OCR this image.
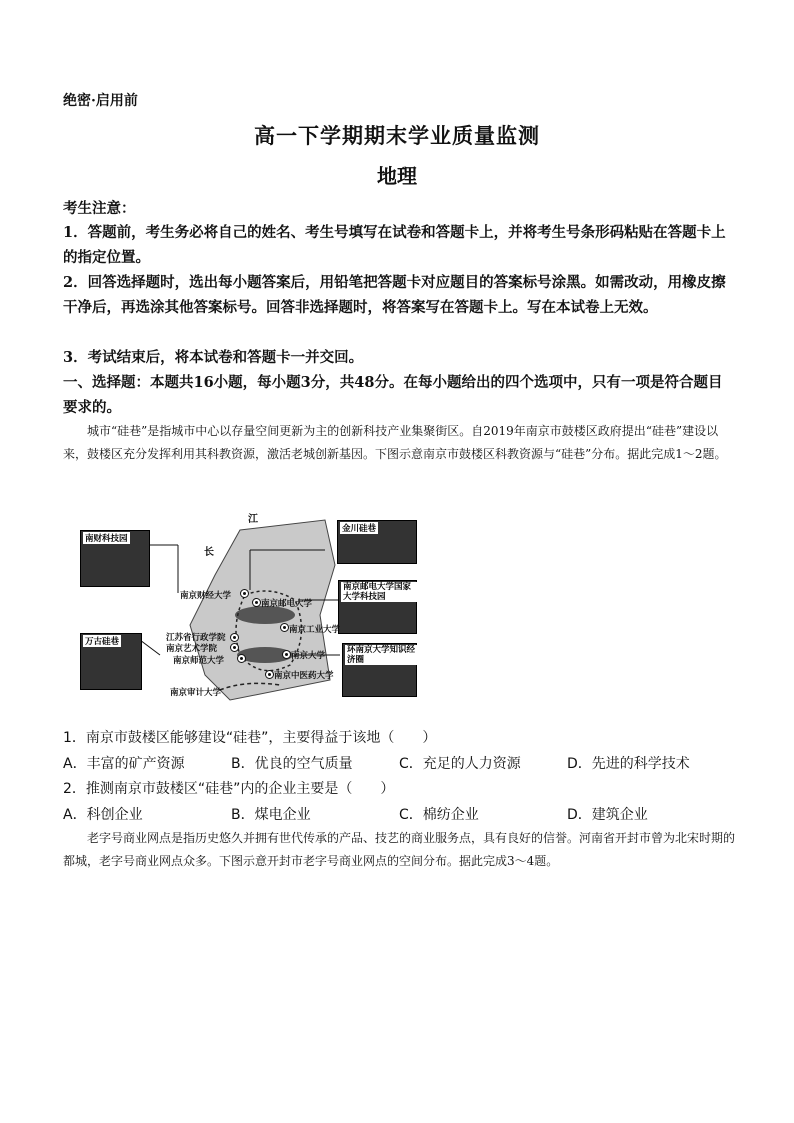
绝密·启用前
高一下学期期末学业质量监测
地理
考生注意：
1．答题前，考生务必将自己的姓名、考生号填写在试卷和答题卡上，并将考生号条形码粘贴在答题卡上的指定位置。
2．回答选择题时，选出每小题答案后，用铅笔把答题卡对应题目的答案标号涂黑。如需改动，用橡皮擦干净后，再选涂其他答案标号。回答非选择题时，将答案写在答题卡上。写在本试卷上无效。
3．考试结束后，将本试卷和答题卡一并交回。
一、选择题：本题共16小题，每小题3分，共48分。在每小题给出的四个选项中，只有一项是符合题目要求的。
城市“硅巷”是指城市中心以存量空间更新为主的创新科技产业集聚街区。自2019年南京市鼓楼区政府提出“硅巷”建设以来，鼓楼区充分发挥利用其科教资源，激活老城创新基因。下图示意南京市鼓楼区科教资源与“硅巷”分布。据此完成1～2题。
江
长
南财科技园
金川硅巷
南京邮电大学国家大学科技园
万古硅巷
环南京大学知识经济圈
南京财经大学
南京邮电大学
南京工业大学
江苏省行政学院
南京艺术学院
南京师范大学	南京大学
南京中医药大学
南京审计大学
1．南京市鼓楼区能够建设“硅巷”，主要得益于该地（　　）
A．丰富的矿产资源	B．优良的空气质量	C．充足的人力资源	D．先进的科学技术
2．推测南京市鼓楼区“硅巷”内的企业主要是（　　）
A．科创企业	B．煤电企业	C．棉纺企业	D．建筑企业
老字号商业网点是指历史悠久并拥有世代传承的产品、技艺的商业服务点，具有良好的信誉。河南省开封市曾为北宋时期的都城，老字号商业网点众多。下图示意开封市老字号商业网点的空间分布。据此完成3～4题。
